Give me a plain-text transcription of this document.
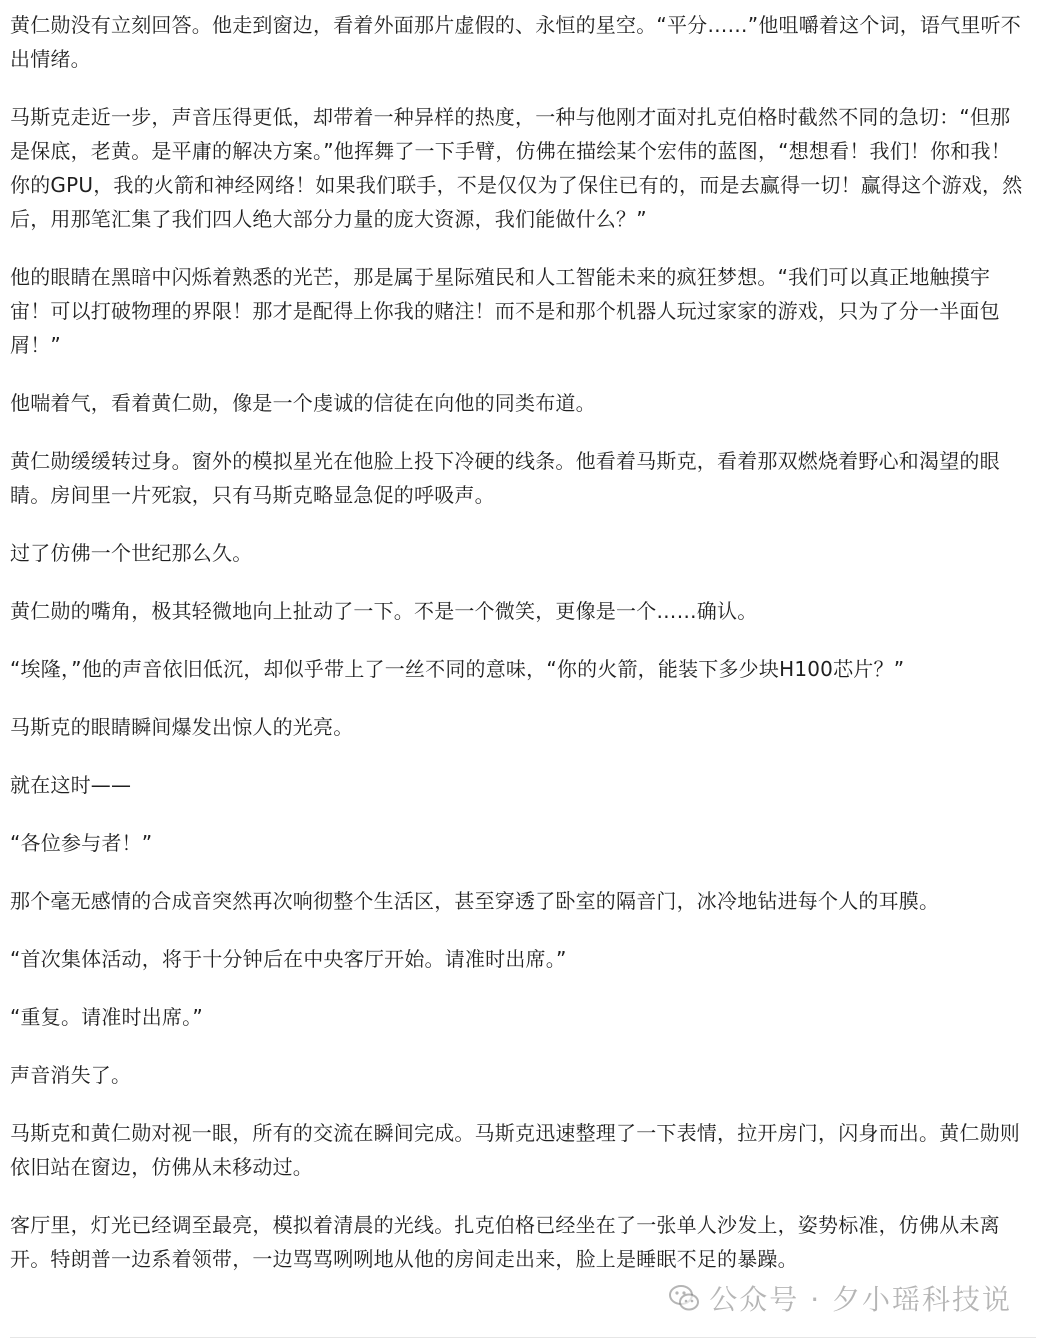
黄仁勋没有立刻回答。他走到窗边，看着外面那片虚假的、永恒的星空。“平分……”他咀嚼着这个词，语气里听不出情绪。

马斯克走近一步，声音压得更低，却带着一种异样的热度，一种与他刚才面对扎克伯格时截然不同的急切：“但那是保底，老黄。是平庸的解决方案。”他挥舞了一下手臂，仿佛在描绘某个宏伟的蓝图，“想想看！我们！你和我！你的GPU，我的火箭和神经网络！如果我们联手，不是仅仅为了保住已有的，而是去赢得一切！赢得这个游戏，然后，用那笔汇集了我们四人绝大部分力量的庞大资源，我们能做什么？”

他的眼睛在黑暗中闪烁着熟悉的光芒，那是属于星际殖民和人工智能未来的疯狂梦想。“我们可以真正地触摸宇宙！可以打破物理的界限！那才是配得上你我的赌注！而不是和那个机器人玩过家家的游戏，只为了分一半面包屑！”

他喘着气，看着黄仁勋，像是一个虔诚的信徒在向他的同类布道。

黄仁勋缓缓转过身。窗外的模拟星光在他脸上投下冷硬的线条。他看着马斯克，看着那双燃烧着野心和渴望的眼睛。房间里一片死寂，只有马斯克略显急促的呼吸声。

过了仿佛一个世纪那么久。

黄仁勋的嘴角，极其轻微地向上扯动了一下。不是一个微笑，更像是一个……确认。

“埃隆，”他的声音依旧低沉，却似乎带上了一丝不同的意味，“你的火箭，能装下多少块H100芯片？”

马斯克的眼睛瞬间爆发出惊人的光亮。

就在这时——

“各位参与者！”

那个毫无感情的合成音突然再次响彻整个生活区，甚至穿透了卧室的隔音门，冰冷地钻进每个人的耳膜。

“首次集体活动，将于十分钟后在中央客厅开始。请准时出席。”

“重复。请准时出席。”

声音消失了。

马斯克和黄仁勋对视一眼，所有的交流在瞬间完成。马斯克迅速整理了一下表情，拉开房门，闪身而出。黄仁勋则依旧站在窗边，仿佛从未移动过。

客厅里，灯光已经调至最亮，模拟着清晨的光线。扎克伯格已经坐在了一张单人沙发上，姿势标准，仿佛从未离开。特朗普一边系着领带，一边骂骂咧咧地从他的房间走出来，脸上是睡眠不足的暴躁。

公众号 · 夕小瑶科技说
